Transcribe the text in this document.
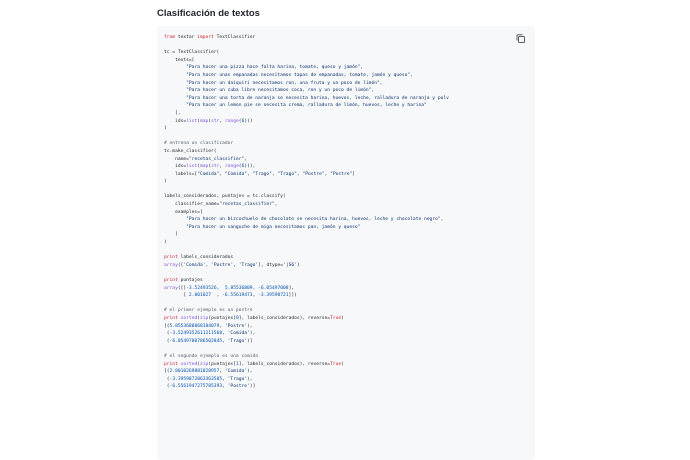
Clasificación de textos
from textar import TextClassifier

tc = TextClassifier(
texts=[
"Para hacer una pizza hace falta harina, tomate, queso y jamón",
"Para hacer unas empanadas necesitamos tapas de empanadas, tomate, jamón y queso",
"Para hacer un daiquiri necesitamos ron, una fruta y un poco de limón",
"Para hacer un cuba libre necesitamos coca, ron y un poco de limón",
"Para hacer una torta de naranja se necesita harina, huevos, leche, ralladura de naranja y polv
"Para hacer un lemon pie se necesita crema, ralladura de limón, huevos, leche y harina"
],
ids=list(map(str, range(6)))
)

# entrena un clasificador
tc.make_classifier(
name="recetas_classifier",
ids=list(map(str, range(6))),
labels=["Comida", "Comida", "Trago", "Trago", "Postre", "Postre"]
)

labels_considerados, puntajes = tc.classify(
classifier_name="recetas_classifier",
examples=[
"Para hacer un bizcochuelo de chocolate se necesita harina, huevos, leche y chocolate negro",
"Para hacer un sanguche de miga necesitamos pan, jamón y queso"
]
)

print labels_considerados
array(['Comida', 'Postre', 'Trago'], dtype='|S6')

print puntajes
array([[-3.52493526,  5.85536809, -6.05497008],
[ 2.801027  , -6.55619473, -3.39598721]])

# el primer ejemplo es un postre
print sorted(zip(puntajes[0], labels_considerados), reverse=True)
[(5.8553680868184079, 'Postre'),
(-3.5249352611211568, 'Comida'),
(-6.0549700786502845, 'Trago')]

# el segundo ejemplo es una comida
print sorted(zip(puntajes[1], labels_considerados), reverse=True)
[(2.8010269881828957, 'Comida'),
(-3.3959872063363505, 'Trago'),
(-6.5561947275785393, 'Postre')]
